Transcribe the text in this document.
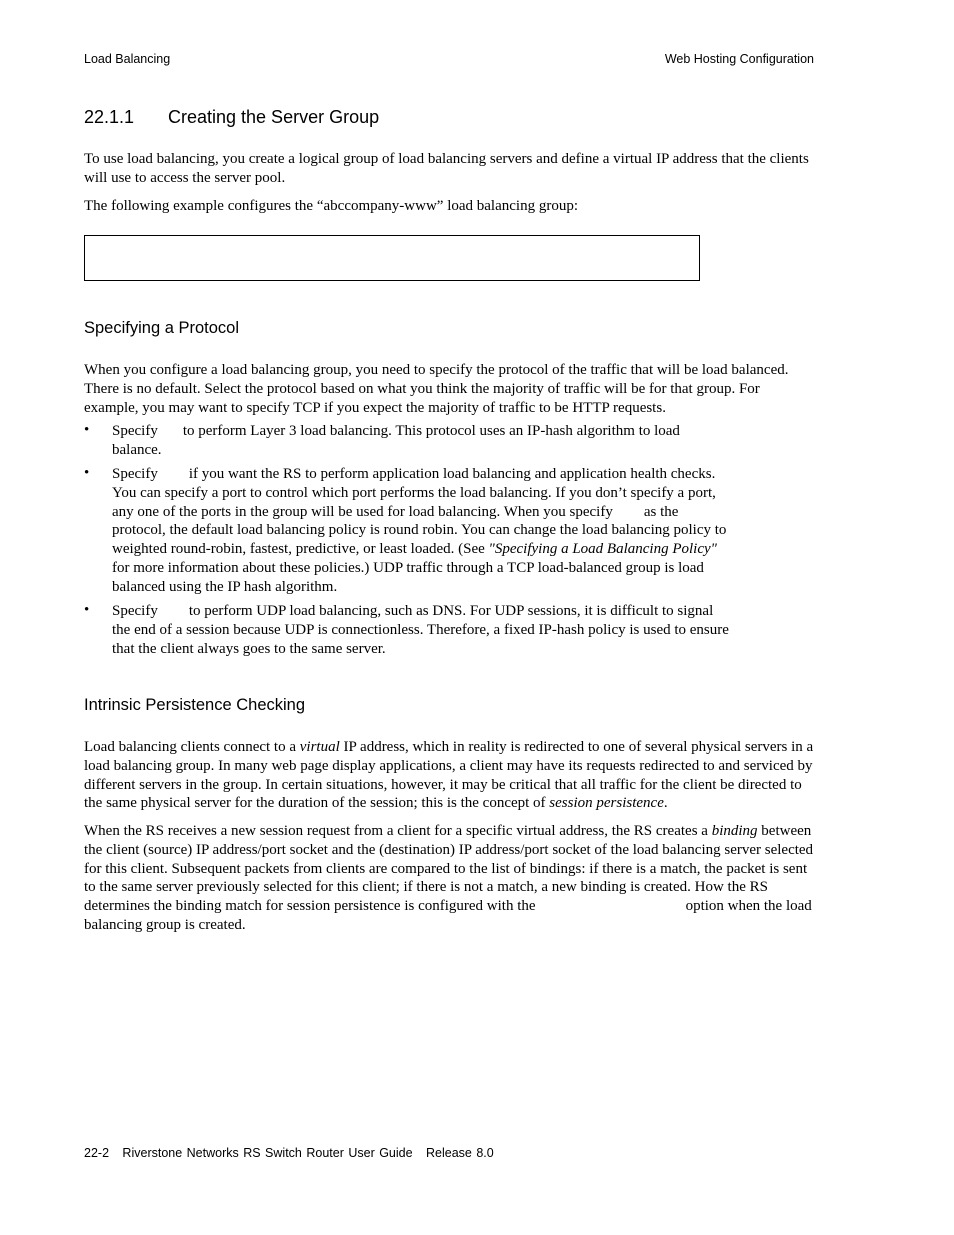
Load Balancing	Web Hosting Configuration
22.1.1 Creating the Server Group

To use load balancing, you create a logical group of load balancing servers and define a virtual IP address that the clients will use to access the server pool.

The following example configures the “abccompany-www” load balancing group:

Specifying a Protocol

When you configure a load balancing group, you need to specify the protocol of the traffic that will be load balanced. There is no default. Select the protocol based on what you think the majority of traffic will be for that group. For example, you may want to specify TCP if you expect the majority of traffic to be HTTP requests.

• Specify to perform Layer 3 load balancing. This protocol uses an IP-hash algorithm to load balance.

• Specify if you want the RS to perform application load balancing and application health checks. You can specify a port to control which port performs the load balancing. If you don’t specify a port, any one of the ports in the group will be used for load balancing. When you specify as the protocol, the default load balancing policy is round robin. You can change the load balancing policy to weighted round-robin, fastest, predictive, or least loaded. (See "Specifying a Load Balancing Policy" for more information about these policies.) UDP traffic through a TCP load-balanced group is load balanced using the IP hash algorithm.

• Specify to perform UDP load balancing, such as DNS. For UDP sessions, it is difficult to signal the end of a session because UDP is connectionless. Therefore, a fixed IP-hash policy is used to ensure that the client always goes to the same server.

Intrinsic Persistence Checking

Load balancing clients connect to a virtual IP address, which in reality is redirected to one of several physical servers in a load balancing group. In many web page display applications, a client may have its requests redirected to and serviced by different servers in the group. In certain situations, however, it may be critical that all traffic for the client be directed to the same physical server for the duration of the session; this is the concept of session persistence.

When the RS receives a new session request from a client for a specific virtual address, the RS creates a binding between the client (source) IP address/port socket and the (destination) IP address/port socket of the load balancing server selected for this client. Subsequent packets from clients are compared to the list of bindings: if there is a match, the packet is sent to the same server previously selected for this client; if there is not a match, a new binding is created. How the RS determines the binding match for session persistence is configured with the	option when the load balancing group is created.

22-2   Riverstone Networks RS Switch Router User Guide   Release 8.0
